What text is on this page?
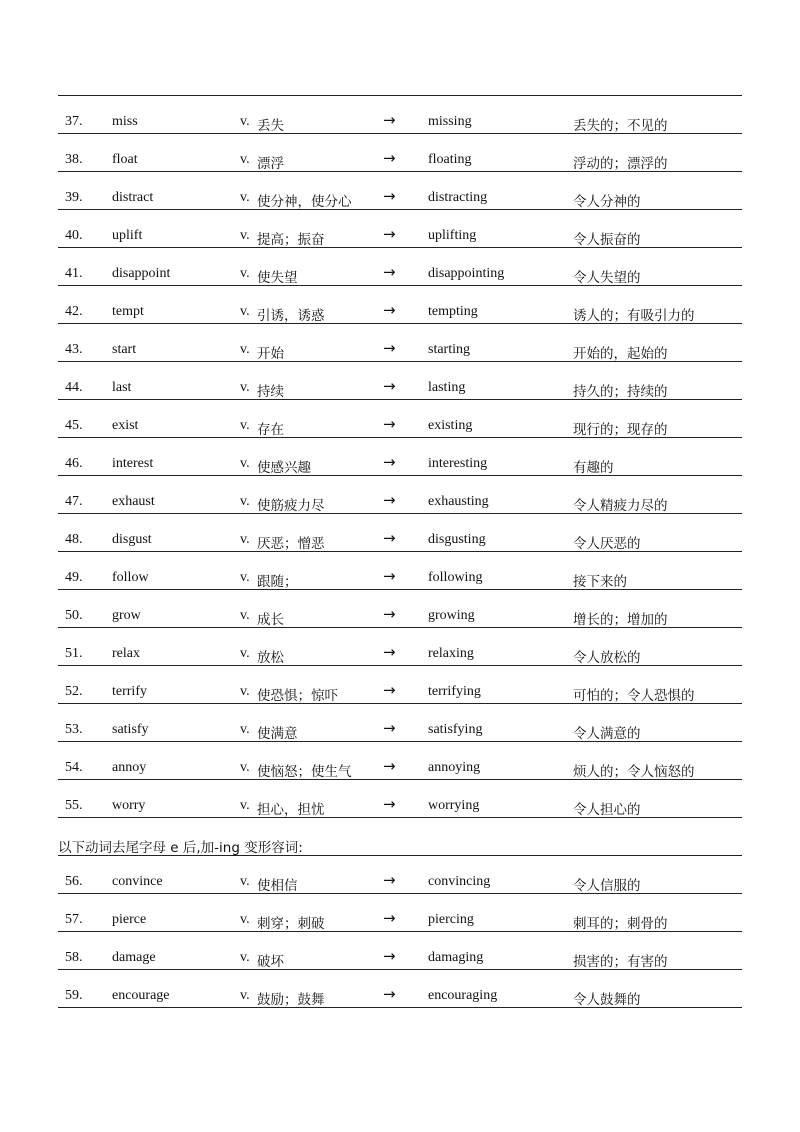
37. miss	v. 丢失	→ missing	丢失的；不见的
38. float	v. 漂浮	→ floating	浮动的；漂浮的
39. distract	v. 使分神，使分心 → distracting	令人分神的
40. uplift	v. 提高；振奋	→ uplifting	令人振奋的
41. disappoint	v. 使失望	→ disappointing	令人失望的
42. tempt	v. 引诱，诱惑	→ tempting	诱人的；有吸引力的
43. start	v. 开始	→ starting	开始的，起始的
44. last	v. 持续	→ lasting	持久的；持续的
45. exist	v. 存在	→ existing	现行的；现存的
46. interest	v. 使感兴趣	→ interesting	有趣的
47. exhaust	v. 使筋疲力尽	→ exhausting	令人精疲力尽的
48. disgust	v. 厌恶；憎恶	→ disgusting	令人厌恶的
49. follow	v. 跟随；	→ following	接下来的
50. grow	v. 成长	→ growing	增长的；增加的
51. relax	v. 放松	→ relaxing	令人放松的
52. terrify	v. 使恐惧；惊吓	→ terrifying	可怕的；令人恐惧的
53. satisfy	v. 使满意	→ satisfying	令人满意的
54. annoy	v. 使恼怒；使生气 → annoying	烦人的；令人恼怒的
55. worry	v. 担心，担忧	→ worrying	令人担心的
以下动词去尾字母 e 后,加-ing 变形容词:
56. convince	v. 使相信	→ convincing	令人信服的
57. pierce	v. 刺穿；刺破	→ piercing	刺耳的；刺骨的
58. damage	v. 破坏	→ damaging	损害的；有害的
59. encourage	v. 鼓励；鼓舞	→ encouraging	令人鼓舞的
